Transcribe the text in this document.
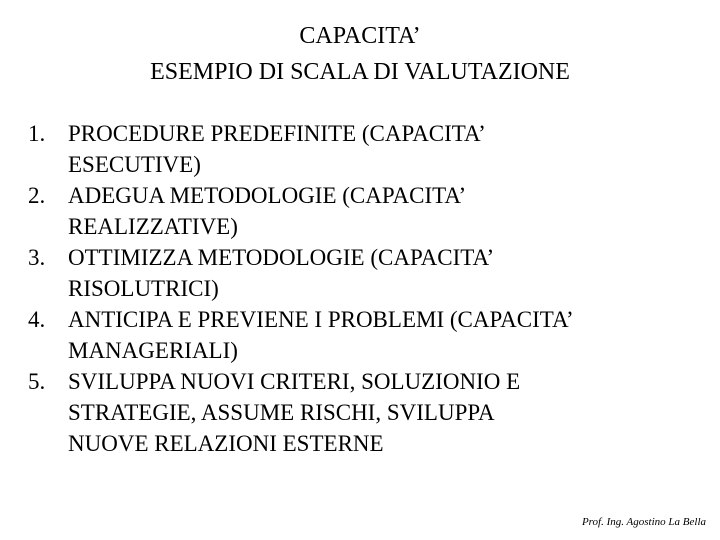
CAPACITA’
ESEMPIO DI SCALA DI VALUTAZIONE
1. PROCEDURE PREDEFINITE (CAPACITA’
ESECUTIVE)
2. ADEGUA METODOLOGIE (CAPACITA’
REALIZZATIVE)
3. OTTIMIZZA METODOLOGIE (CAPACITA’
RISOLUTRICI)
4. ANTICIPA E PREVIENE I PROBLEMI (CAPACITA’
MANAGERIALI)
5. SVILUPPA NUOVI CRITERI, SOLUZIONIO E
STRATEGIE, ASSUME RISCHI, SVILUPPA
NUOVE RELAZIONI ESTERNE
Prof. Ing. Agostino La Bella
